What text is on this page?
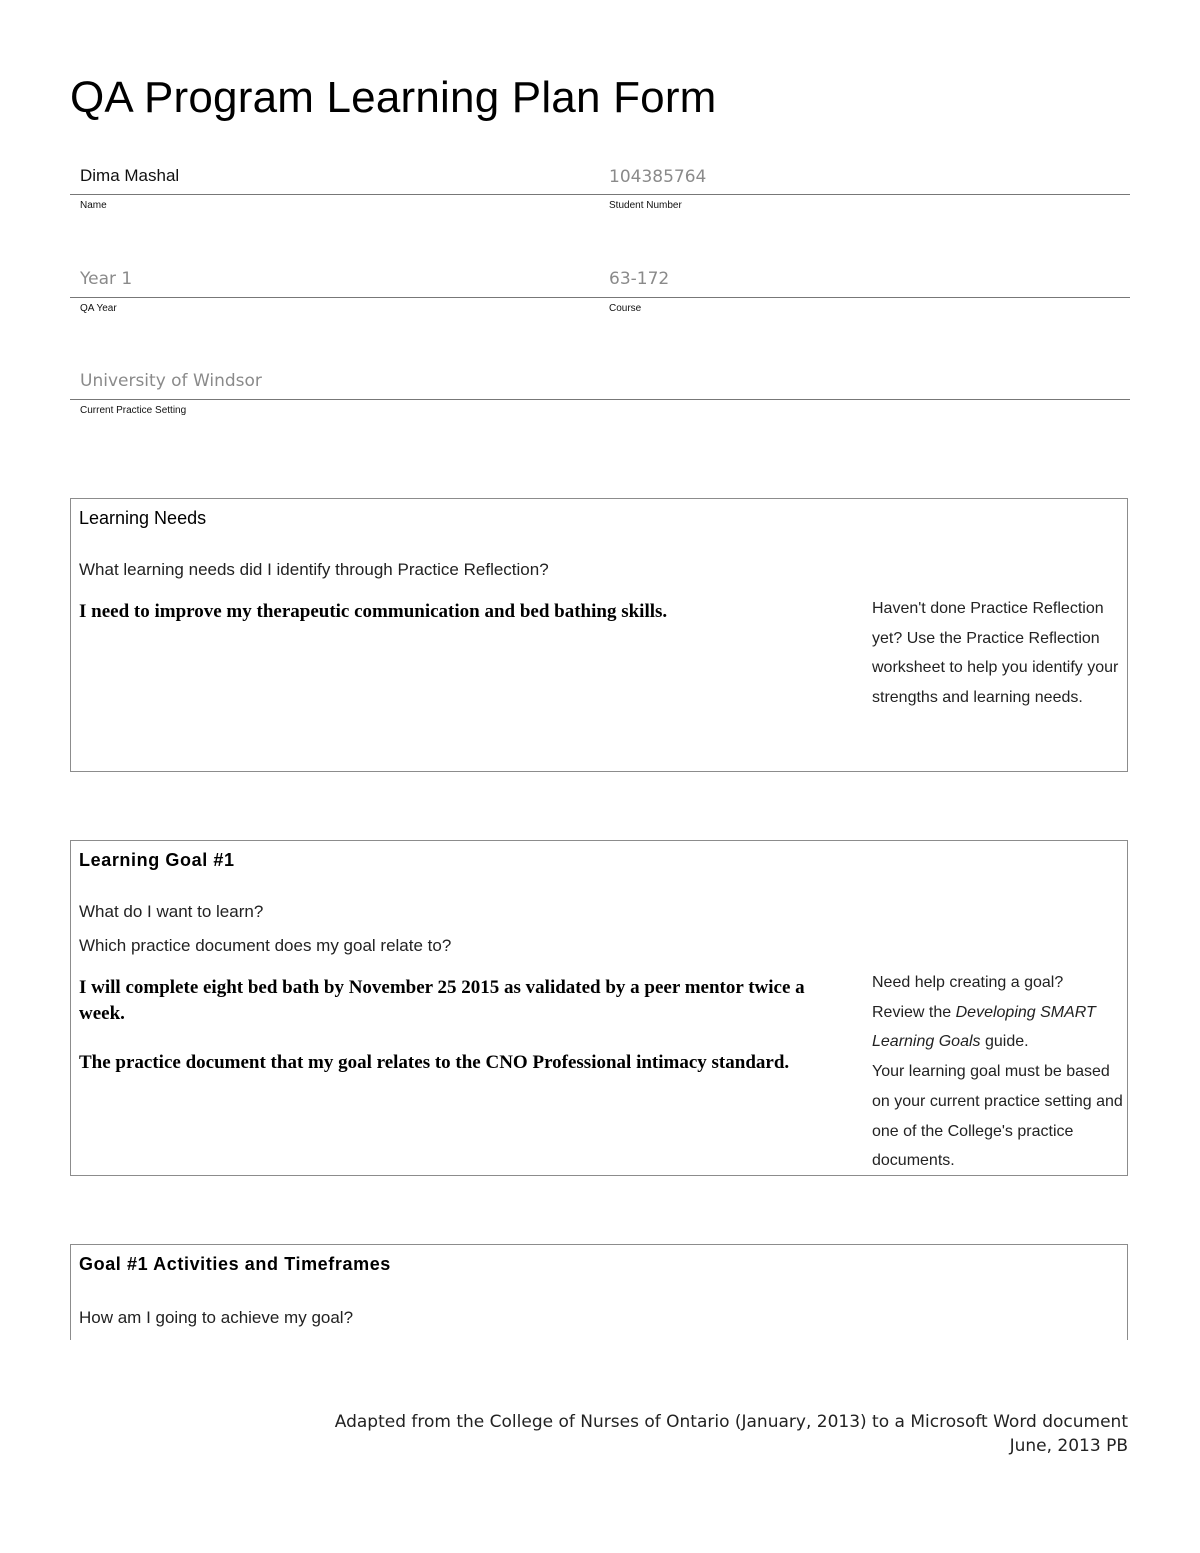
QA Program Learning Plan Form
Dima Mashal
Name
104385764
Student Number
Year 1
QA Year
63-172
Course
University of Windsor
Current Practice Setting
Learning Needs
What learning needs did I identify through Practice Reflection?
I need to improve my therapeutic communication and bed bathing skills.	Haven't done Practice Reflection yet? Use the Practice Reflection worksheet to help you identify your strengths and learning needs.
Learning Goal #1
What do I want to learn?
Which practice document does my goal relate to?
I will complete eight bed bath by November 25 2015 as validated by a peer mentor twice a week.
The practice document that my goal relates to the CNO Professional intimacy standard.
Need help creating a goal?
Review the Developing SMART Learning Goals guide.
Your learning goal must be based on your current practice setting and one of the College's practice documents.
Goal #1 Activities and Timeframes
How am I going to achieve my goal?
Adapted from the College of Nurses of Ontario (January, 2013) to a Microsoft Word document
June, 2013 PB
